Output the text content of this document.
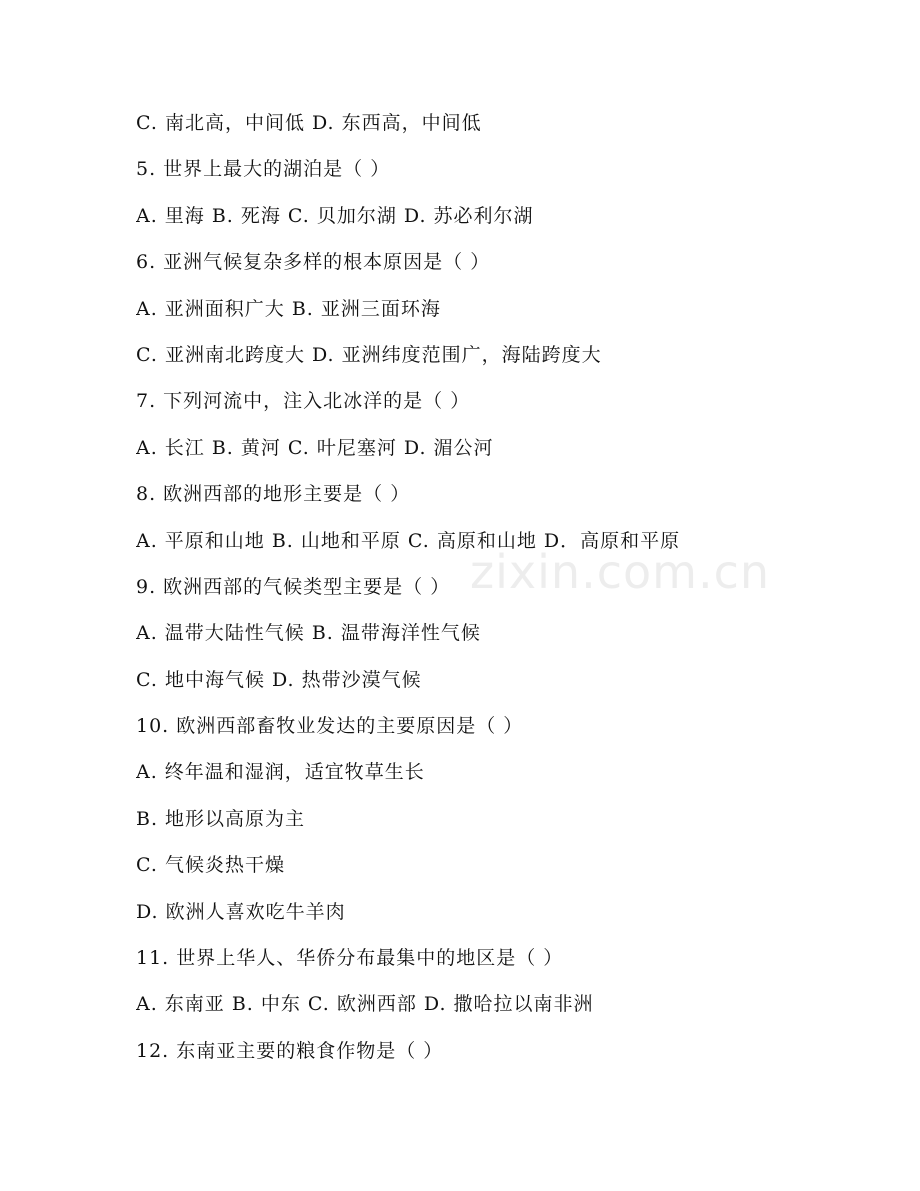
C. 南北高，中间低 D. 东西高，中间低
5. 世界上最大的湖泊是（ ）
A. 里海 B. 死海 C. 贝加尔湖 D. 苏必利尔湖
6. 亚洲气候复杂多样的根本原因是（ ）
A. 亚洲面积广大 B. 亚洲三面环海
C. 亚洲南北跨度大 D. 亚洲纬度范围广，海陆跨度大
7. 下列河流中，注入北冰洋的是（ ）
A. 长江 B. 黄河 C. 叶尼塞河 D. 湄公河
8. 欧洲西部的地形主要是（ ）
A. 平原和山地 B. 山地和平原 C. 高原和山地 D．高原和平原
9. 欧洲西部的气候类型主要是（ ）
A. 温带大陆性气候 B. 温带海洋性气候
C. 地中海气候 D. 热带沙漠气候
10. 欧洲西部畜牧业发达的主要原因是（ ）
A. 终年温和湿润，适宜牧草生长
B. 地形以高原为主
C. 气候炎热干燥
D. 欧洲人喜欢吃牛羊肉
11. 世界上华人、华侨分布最集中的地区是（ ）
A. 东南亚 B. 中东 C. 欧洲西部 D. 撒哈拉以南非洲
12. 东南亚主要的粮食作物是（ ）
zixin.com.cn
